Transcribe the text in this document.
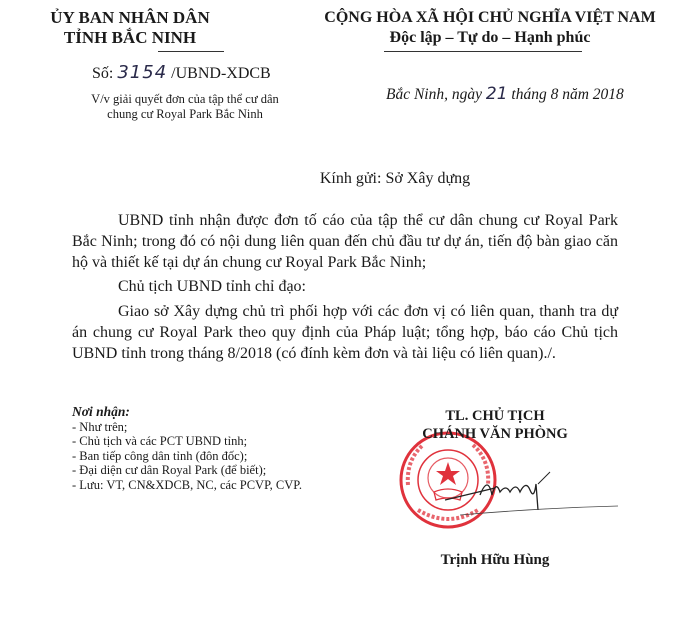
ỦY BAN NHÂN DÂN
TỈNH BẮC NINH
CỘNG HÒA XÃ HỘI CHỦ NGHĨA VIỆT NAM
Độc lập – Tự do – Hạnh phúc
Số: 3154 /UBND-XDCB
V/v giải quyết đơn của tập thể cư dân
chung cư Royal Park Bắc Ninh
Bắc Ninh, ngày 21 tháng 8 năm 2018
Kính gửi: Sở Xây dựng

UBND tỉnh nhận được đơn tố cáo của tập thể cư dân chung cư Royal Park Bắc Ninh; trong đó có nội dung liên quan đến chủ đầu tư dự án, tiến độ bàn giao căn hộ và thiết kế tại dự án chung cư Royal Park Bắc Ninh;

Chủ tịch UBND tỉnh chỉ đạo:

Giao sở Xây dựng chủ trì phối hợp với các đơn vị có liên quan, thanh tra dự án chung cư Royal Park theo quy định của Pháp luật; tổng hợp, báo cáo Chủ tịch UBND tỉnh trong tháng 8/2018 (có đính kèm đơn và tài liệu có liên quan)./.

Nơi nhận:
- Như trên;
- Chủ tịch và các PCT UBND tỉnh;
- Ban tiếp công dân tỉnh (đôn đốc);
- Đại diện cư dân Royal Park (để biết);
- Lưu: VT, CN&XDCB, NC, các PCVP, CVP.
TL. CHỦ TỊCH
CHÁNH VĂN PHÒNG
Trịnh Hữu Hùng
